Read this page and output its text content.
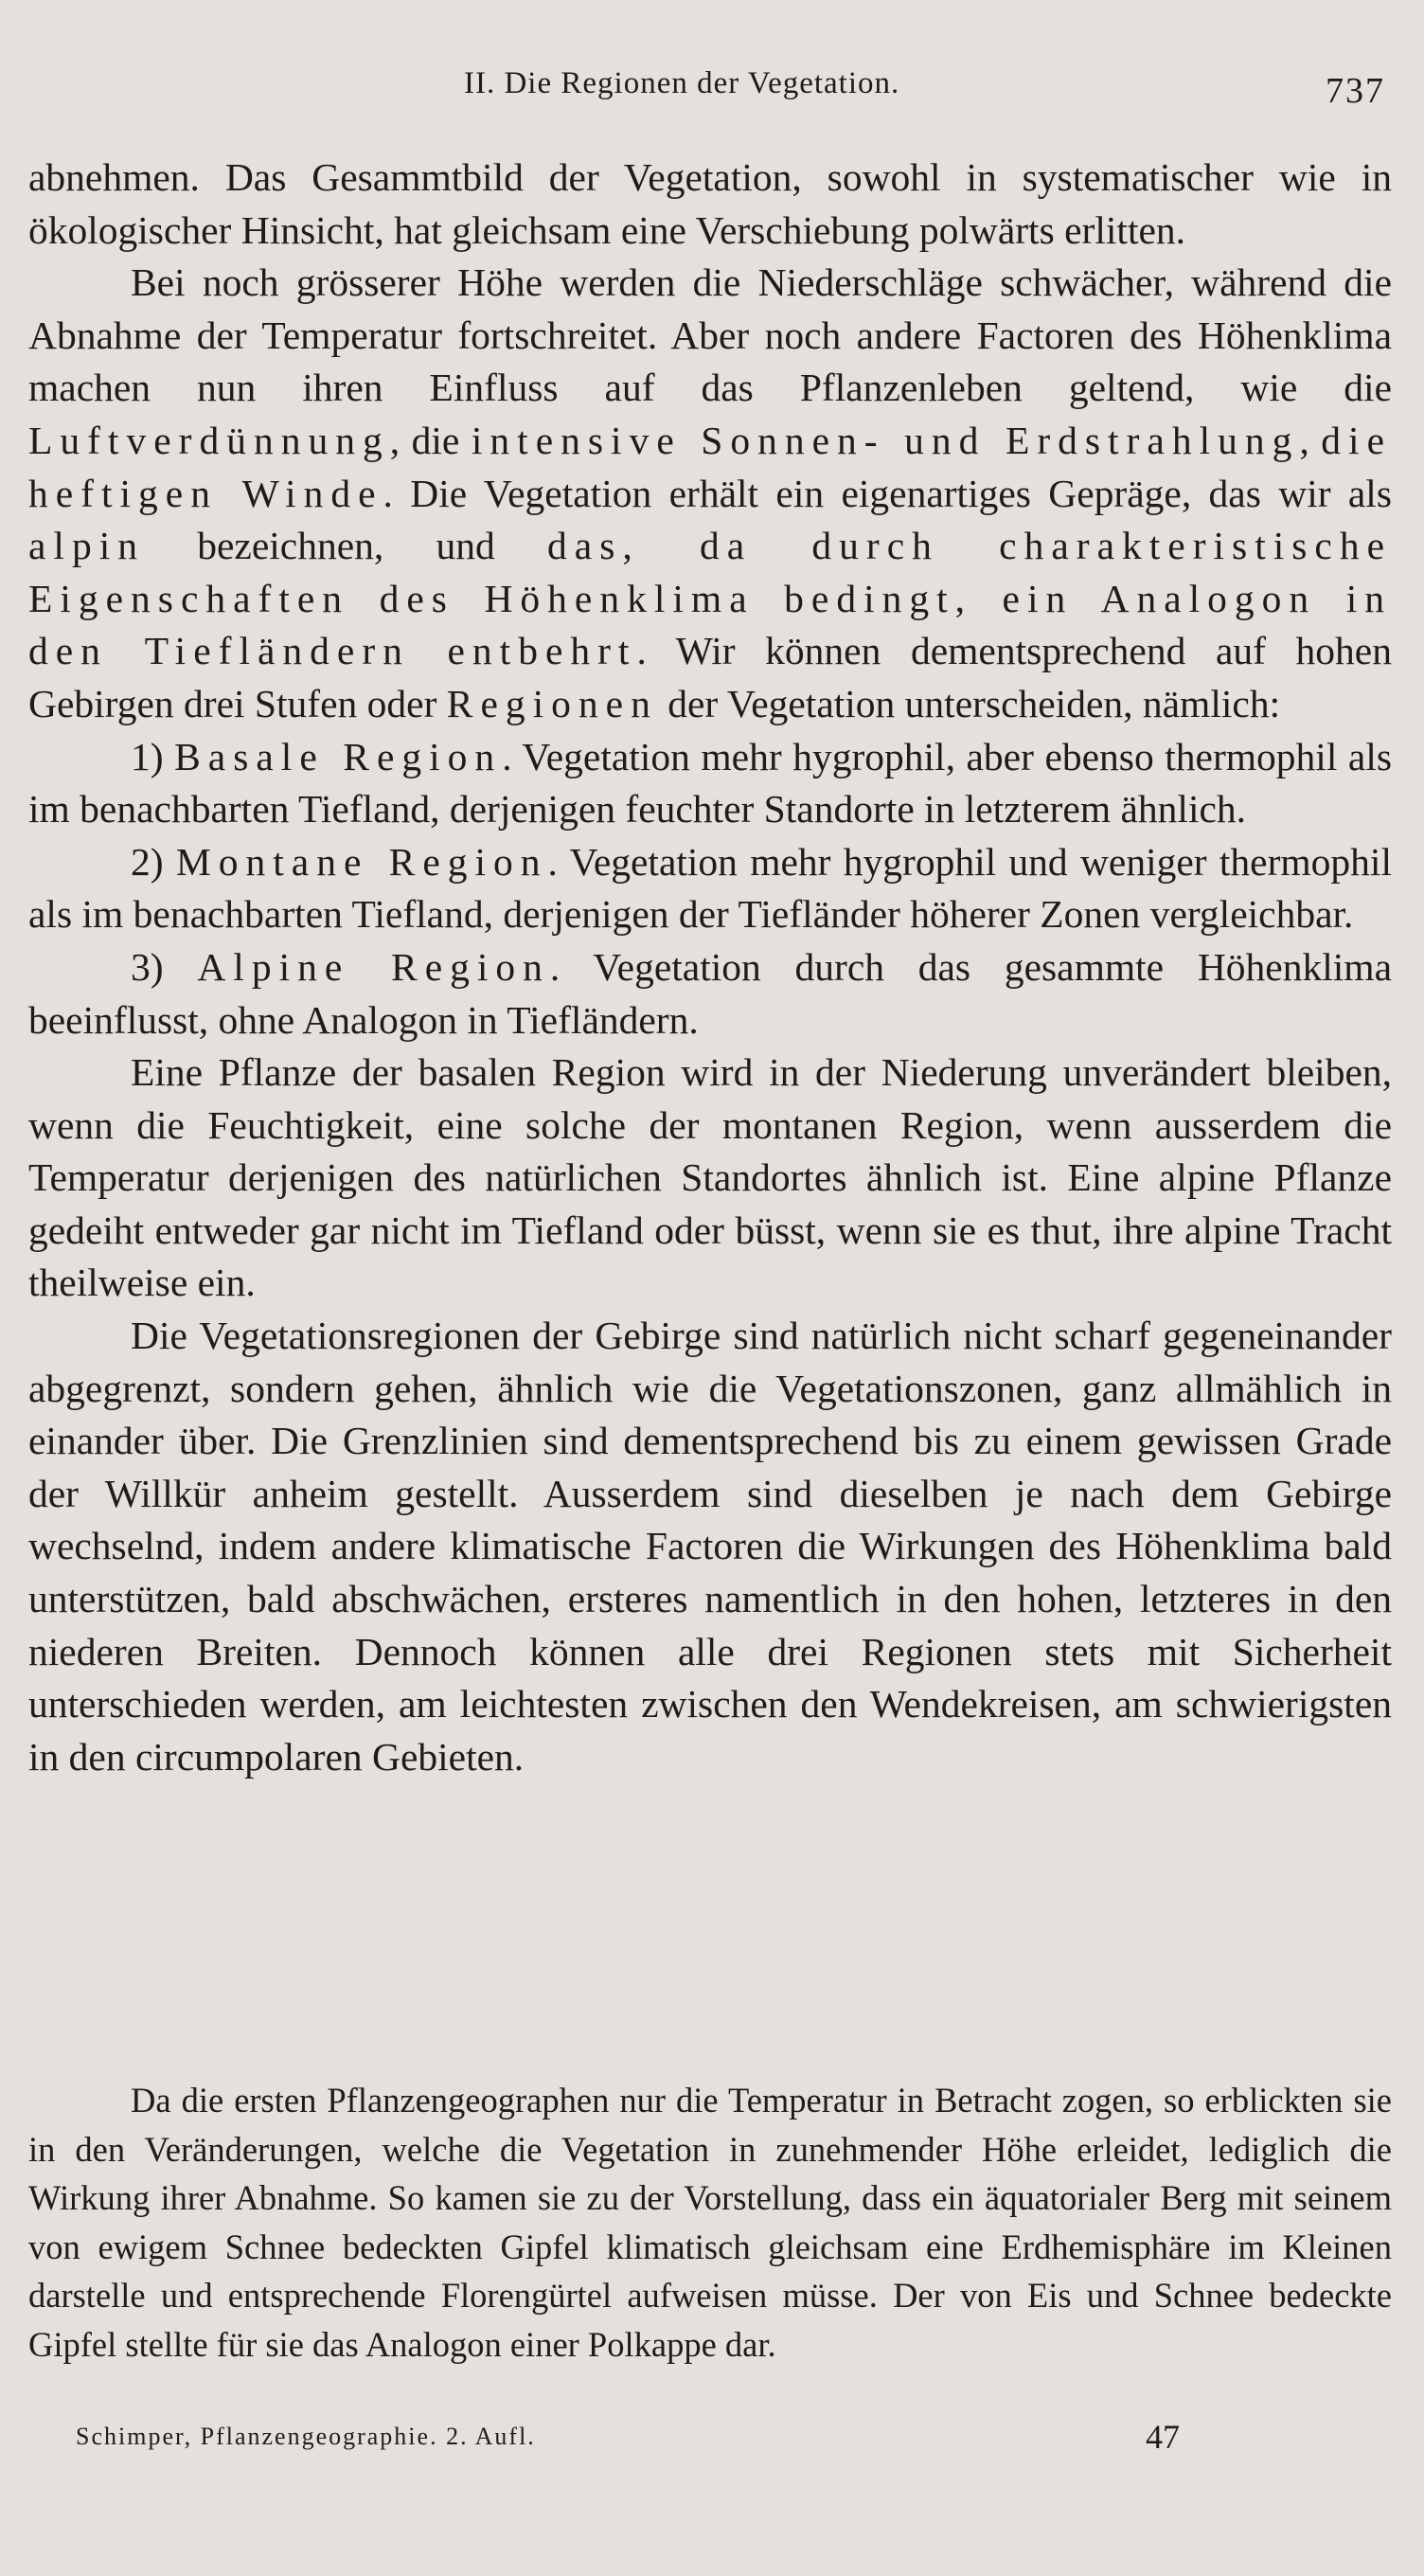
II. Die Regionen der Vegetation.	737

abnehmen. Das Gesammtbild der Vegetation, sowohl in systematischer wie in ökologischer Hinsicht, hat gleichsam eine Verschiebung polwärts erlitten.

Bei noch grösserer Höhe werden die Niederschläge schwächer, während die Abnahme der Temperatur fortschreitet. Aber noch andere Factoren des Höhenklima machen nun ihren Einfluss auf das Pflanzenleben geltend, wie die Luftverdünnung, die intensive Sonnen- und Erdstrahlung, die heftigen Winde. Die Vegetation erhält ein eigenartiges Gepräge, das wir als alpin bezeichnen, und das, da durch charakteristische Eigenschaften des Höhenklima bedingt, ein Analogon in den Tiefländern entbehrt. Wir können dementsprechend auf hohen Gebirgen drei Stufen oder Regionen der Vegetation unterscheiden, nämlich:

1) Basale Region. Vegetation mehr hygrophil, aber ebenso thermophil als im benachbarten Tiefland, derjenigen feuchter Standorte in letzterem ähnlich.

2) Montane Region. Vegetation mehr hygrophil und weniger thermophil als im benachbarten Tiefland, derjenigen der Tiefländer höherer Zonen vergleichbar.

3) Alpine Region. Vegetation durch das gesammte Höhenklima beeinflusst, ohne Analogon in Tiefländern.

Eine Pflanze der basalen Region wird in der Niederung unverändert bleiben, wenn die Feuchtigkeit, eine solche der montanen Region, wenn ausserdem die Temperatur derjenigen des natürlichen Standortes ähnlich ist. Eine alpine Pflanze gedeiht entweder gar nicht im Tiefland oder büsst, wenn sie es thut, ihre alpine Tracht theilweise ein.

Die Vegetationsregionen der Gebirge sind natürlich nicht scharf gegeneinander abgegrenzt, sondern gehen, ähnlich wie die Vegetationszonen, ganz allmählich in einander über. Die Grenzlinien sind dementsprechend bis zu einem gewissen Grade der Willkür anheim gestellt. Ausserdem sind dieselben je nach dem Gebirge wechselnd, indem andere klimatische Factoren die Wirkungen des Höhenklima bald unterstützen, bald abschwächen, ersteres namentlich in den hohen, letzteres in den niederen Breiten. Dennoch können alle drei Regionen stets mit Sicherheit unterschieden werden, am leichtesten zwischen den Wendekreisen, am schwierigsten in den circumpolaren Gebieten.

Da die ersten Pflanzengeographen nur die Temperatur in Betracht zogen, so erblickten sie in den Veränderungen, welche die Vegetation in zunehmender Höhe erleidet, lediglich die Wirkung ihrer Abnahme. So kamen sie zu der Vorstellung, dass ein äquatorialer Berg mit seinem von ewigem Schnee bedeckten Gipfel klimatisch gleichsam eine Erdhemisphäre im Kleinen darstelle und entsprechende Florengürtel aufweisen müsse. Der von Eis und Schnee bedeckte Gipfel stellte für sie das Analogon einer Polkappe dar.

Schimper, Pflanzengeographie. 2. Aufl.	47
